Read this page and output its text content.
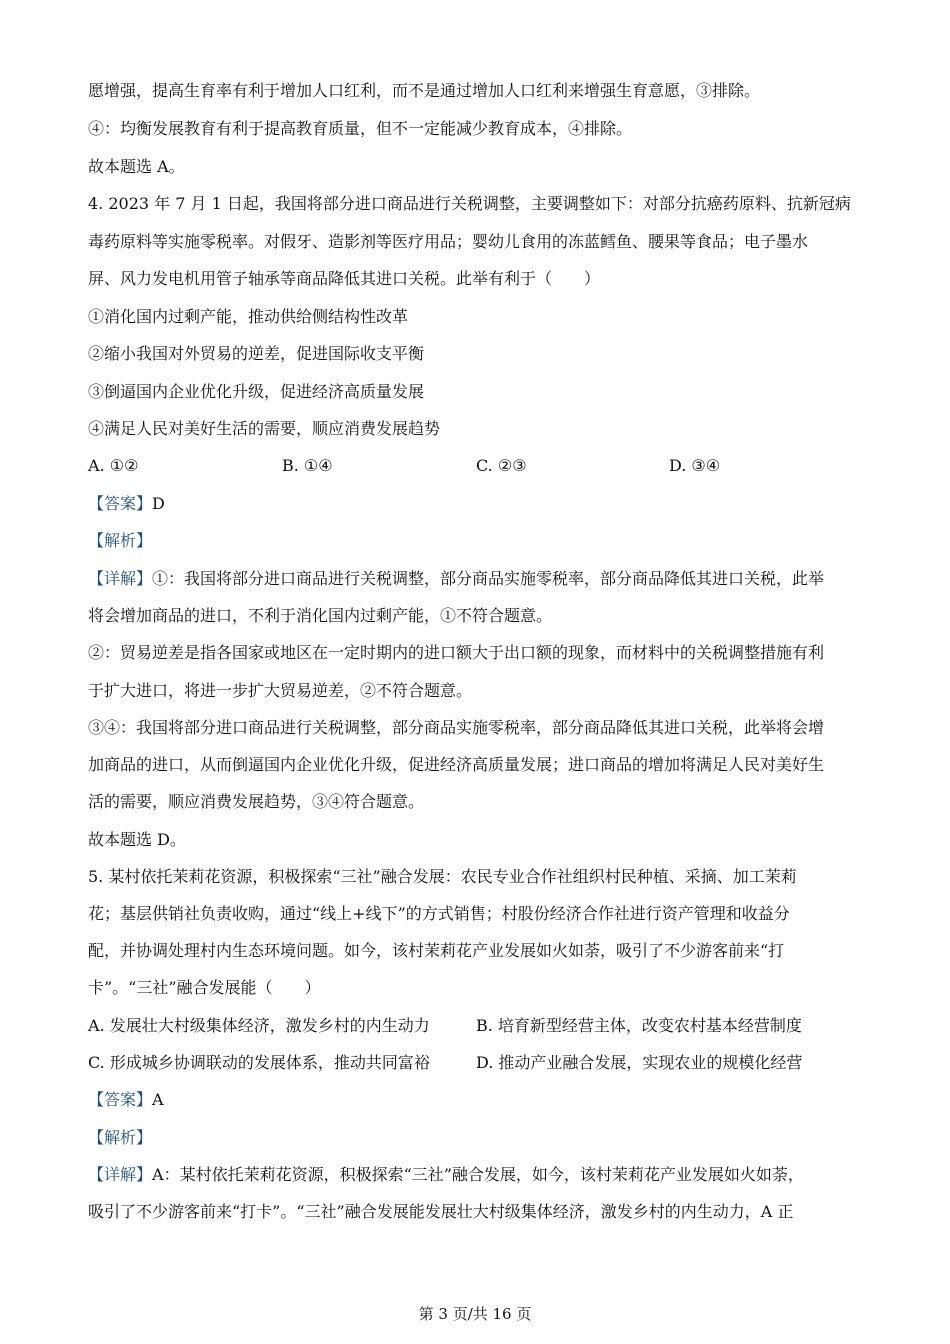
愿增强，提高生育率有利于增加人口红利，而不是通过增加人口红利来增强生育意愿，③排除。
④：均衡发展教育有利于提高教育质量，但不一定能减少教育成本，④排除。
故本题选 A。
4. 2023 年 7 月 1 日起，我国将部分进口商品进行关税调整，主要调整如下：对部分抗癌药原料、抗新冠病
毒药原料等实施零税率。对假牙、造影剂等医疗用品；婴幼儿食用的冻蓝鳕鱼、腰果等食品；电子墨水
屏、风力发电机用管子轴承等商品降低其进口关税。此举有利于（　　）
①消化国内过剩产能，推动供给侧结构性改革
②缩小我国对外贸易的逆差，促进国际收支平衡
③倒逼国内企业优化升级，促进经济高质量发展
④满足人民对美好生活的需要，顺应消费发展趋势
A. ①②	B. ①④	C. ②③	D. ③④
【答案】D
【解析】
【详解】①：我国将部分进口商品进行关税调整，部分商品实施零税率，部分商品降低其进口关税，此举
将会增加商品的进口，不利于消化国内过剩产能，①不符合题意。
②：贸易逆差是指各国家或地区在一定时期内的进口额大于出口额的现象，而材料中的关税调整措施有利
于扩大进口，将进一步扩大贸易逆差，②不符合题意。
③④：我国将部分进口商品进行关税调整，部分商品实施零税率，部分商品降低其进口关税，此举将会增
加商品的进口，从而倒逼国内企业优化升级，促进经济高质量发展；进口商品的增加将满足人民对美好生
活的需要，顺应消费发展趋势，③④符合题意。
故本题选 D。
5. 某村依托茉莉花资源，积极探索“三社”融合发展：农民专业合作社组织村民种植、采摘、加工茉莉
花；基层供销社负责收购，通过“线上+线下”的方式销售；村股份经济合作社进行资产管理和收益分
配，并协调处理村内生态环境问题。如今，该村茉莉花产业发展如火如荼，吸引了不少游客前来“打
卡”。“三社”融合发展能（　　）
A. 发展壮大村级集体经济，激发乡村的内生动力	B. 培育新型经营主体，改变农村基本经营制度
C. 形成城乡协调联动的发展体系，推动共同富裕	D. 推动产业融合发展，实现农业的规模化经营
【答案】A
【解析】
【详解】A：某村依托茉莉花资源，积极探索“三社”融合发展，如今，该村茉莉花产业发展如火如荼，
吸引了不少游客前来“打卡”。“三社”融合发展能发展壮大村级集体经济，激发乡村的内生动力，A 正
第 3 页/共 16 页
